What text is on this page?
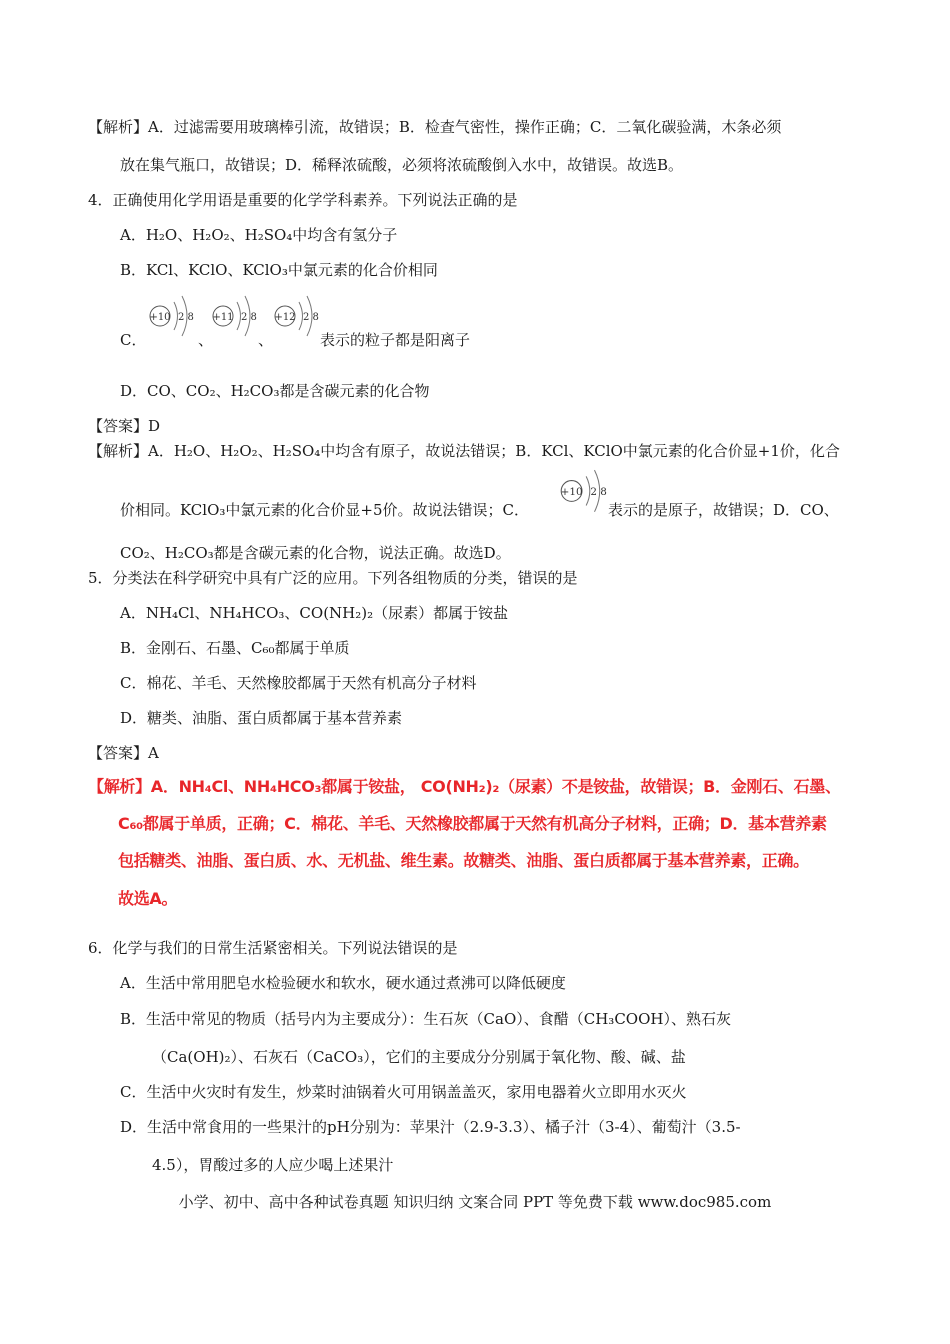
【解析】A．过滤需要用玻璃棒引流，故错误；B．检查气密性，操作正确；C．二氧化碳验满，木条必须
放在集气瓶口，故错误；D．稀释浓硫酸，必须将浓硫酸倒入水中，故错误。故选B。
4．正确使用化学用语是重要的化学学科素养。下列说法正确的是
A．H₂O、H₂O₂、H₂SO₄中均含有氢分子
B．KCl、KClO、KClO₃中氯元素的化合价相同
C．
+10 2 8
、
+11 2 8
、
+12 2 8
表示的粒子都是阳离子
D．CO、CO₂、H₂CO₃都是含碳元素的化合物
【答案】D
【解析】A．H₂O、H₂O₂、H₂SO₄中均含有原子，故说法错误；B．KCl、KClO中氯元素的化合价显+1价，化合
价相同。KClO₃中氯元素的化合价显+5价。故说法错误；C．
+10 2 8
表示的是原子，故错误；D．CO、
CO₂、H₂CO₃都是含碳元素的化合物，说法正确。故选D。
5．分类法在科学研究中具有广泛的应用。下列各组物质的分类，错误的是
A．NH₄Cl、NH₄HCO₃、CO(NH₂)₂（尿素）都属于铵盐
B．金刚石、石墨、C₆₀都属于单质
C．棉花、羊毛、天然橡胶都属于天然有机高分子材料
D．糖类、油脂、蛋白质都属于基本营养素
【答案】A
【解析】A．NH₄Cl、NH₄HCO₃都属于铵盐， CO(NH₂)₂（尿素）不是铵盐，故错误；B．金刚石、石墨、
C₆₀都属于单质，正确；C．棉花、羊毛、天然橡胶都属于天然有机高分子材料，正确；D．基本营养素
包括糖类、油脂、蛋白质、水、无机盐、维生素。故糖类、油脂、蛋白质都属于基本营养素，正确。
故选A。
6．化学与我们的日常生活紧密相关。下列说法错误的是
A．生活中常用肥皂水检验硬水和软水，硬水通过煮沸可以降低硬度
B．生活中常见的物质（括号内为主要成分）：生石灰（CaO）、食醋（CH₃COOH）、熟石灰
（Ca(OH)₂）、石灰石（CaCO₃），它们的主要成分分别属于氧化物、酸、碱、盐
C．生活中火灾时有发生，炒菜时油锅着火可用锅盖盖灭，家用电器着火立即用水灭火
D．生活中常食用的一些果汁的pH分别为：苹果汁（2.9-3.3）、橘子汁（3-4）、葡萄汁（3.5-
4.5），胃酸过多的人应少喝上述果汁
小学、初中、高中各种试卷真题 知识归纳 文案合同 PPT 等免费下载 www.doc985.com
